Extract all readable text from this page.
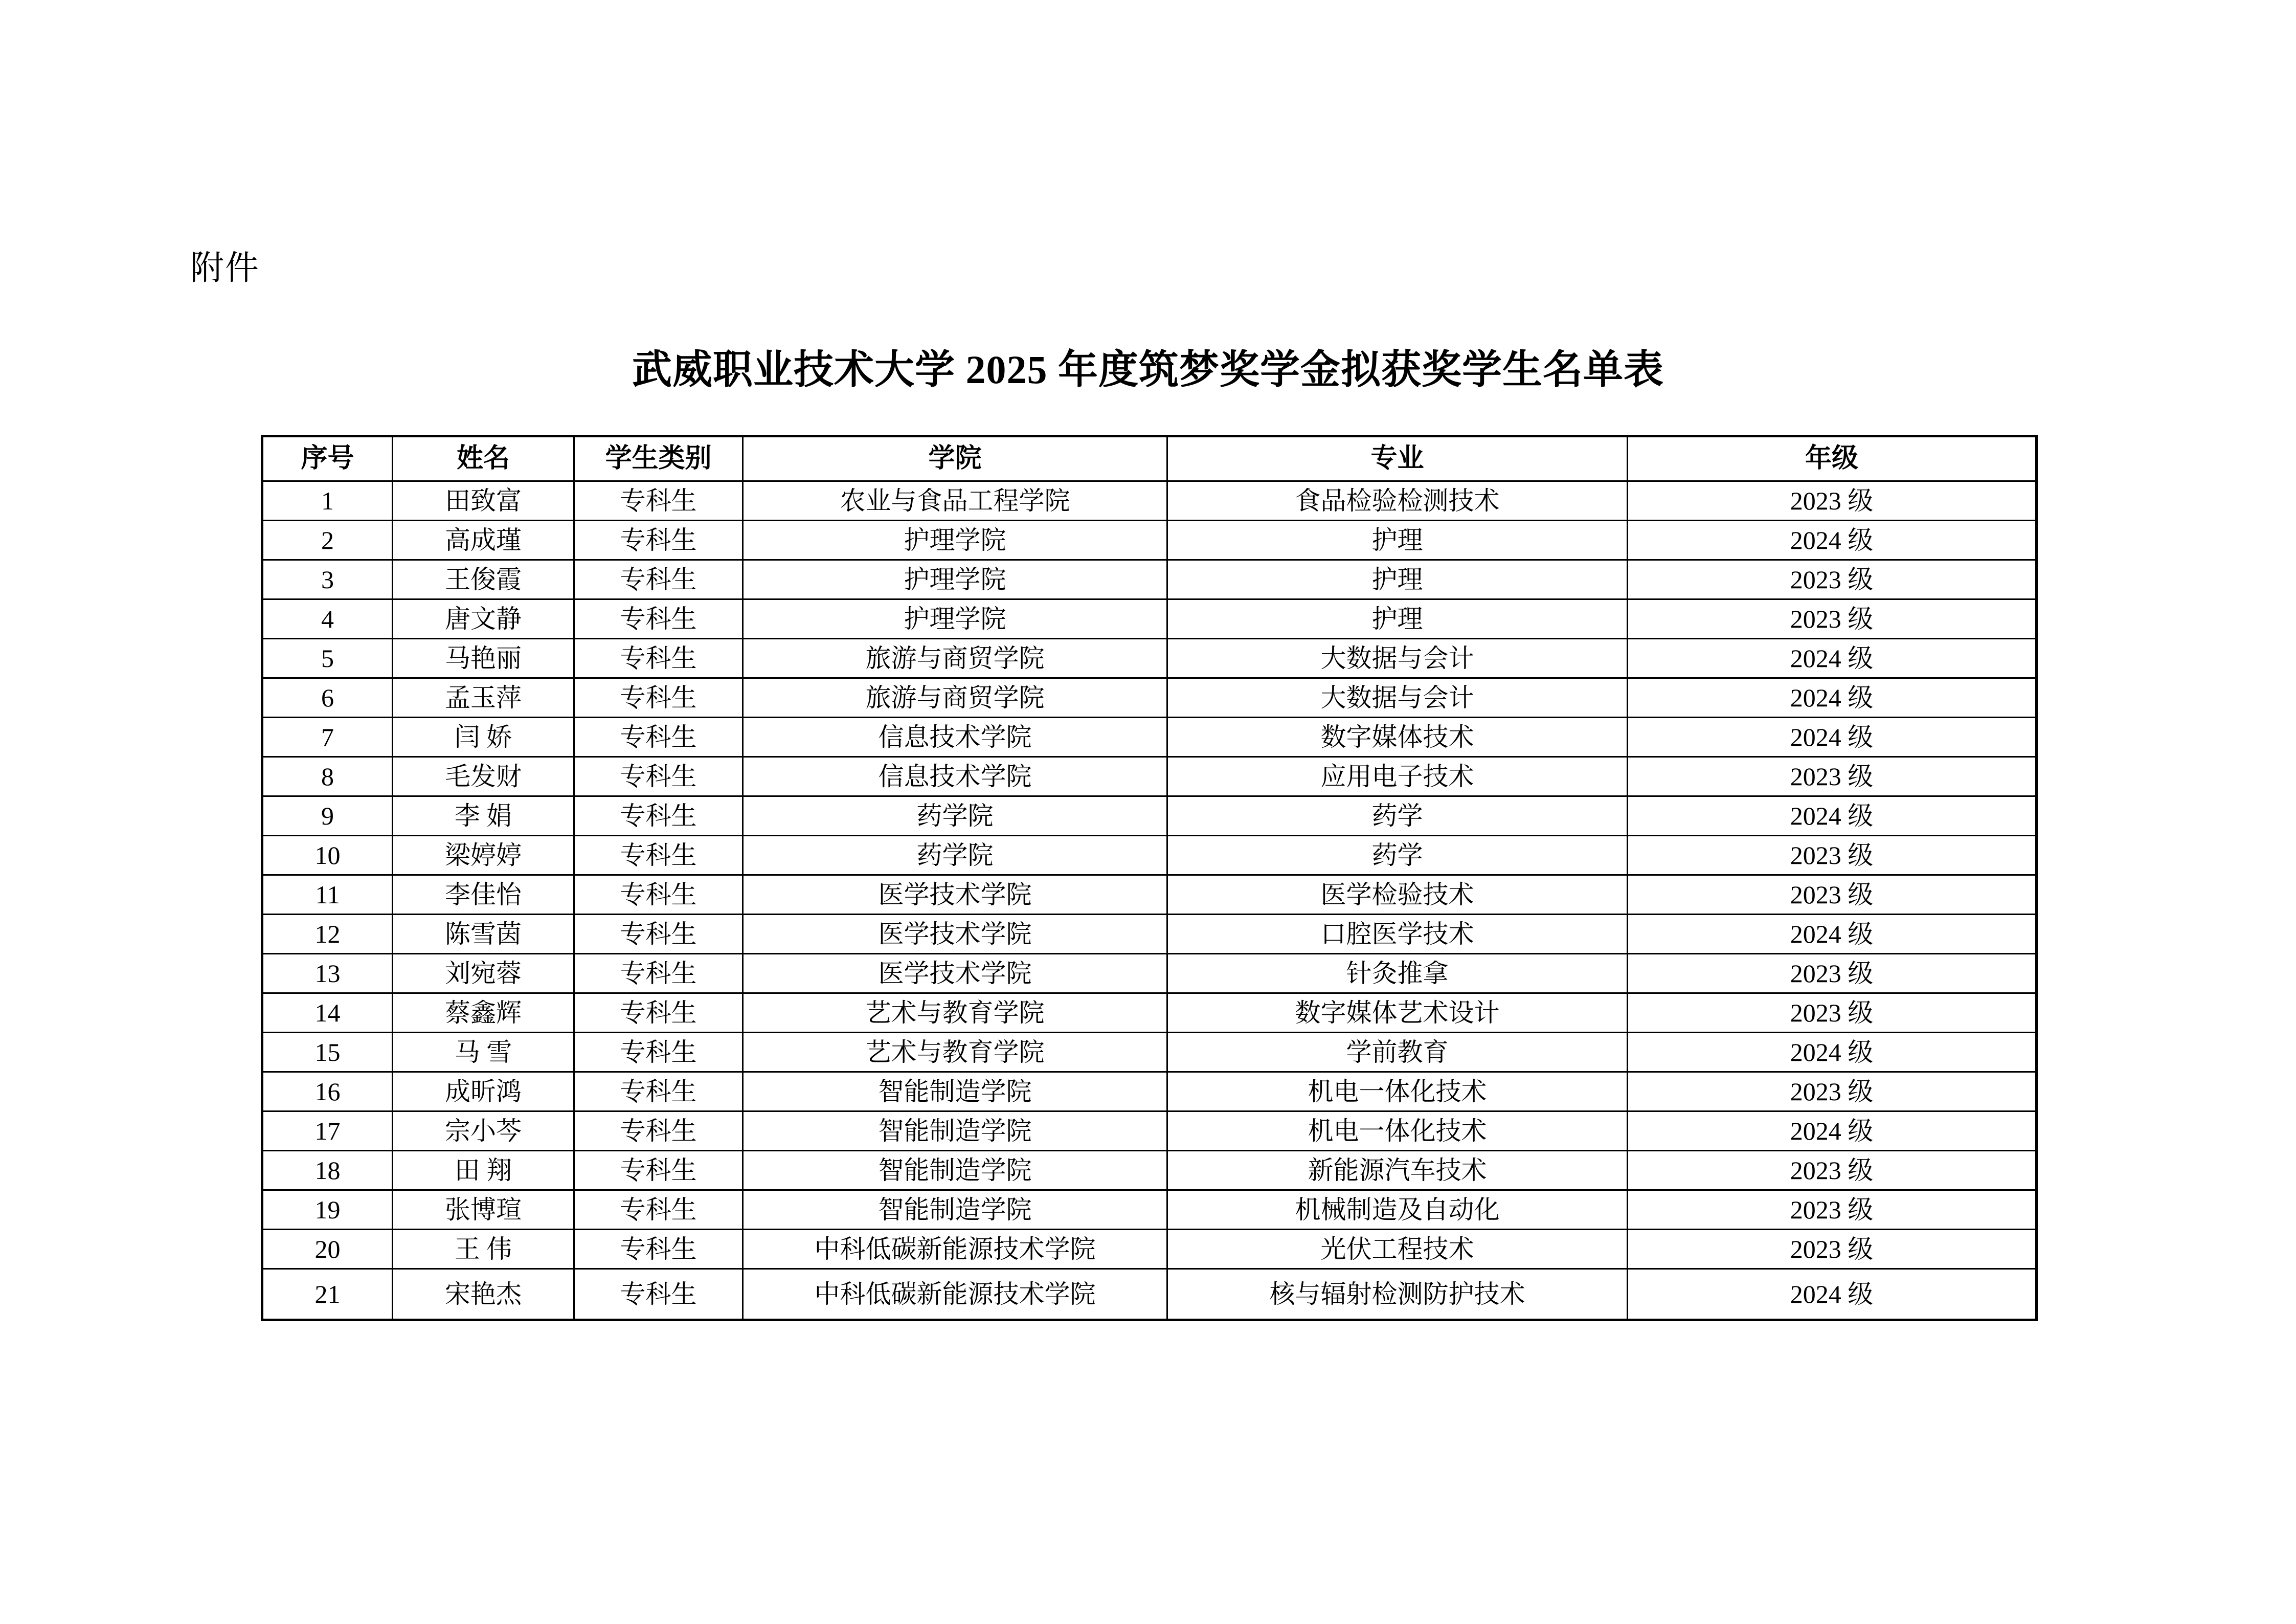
附件
武威职业技术大学 2025 年度筑梦奖学金拟获奖学生名单表
序号	姓名	学生类别	学院	专业	年级
1	田致富	专科生	农业与食品工程学院	食品检验检测技术	2023 级
2	高成瑾	专科生	护理学院	护理	2024 级
3	王俊霞	专科生	护理学院	护理	2023 级
4	唐文静	专科生	护理学院	护理	2023 级
5	马艳丽	专科生	旅游与商贸学院	大数据与会计	2024 级
6	孟玉萍	专科生	旅游与商贸学院	大数据与会计	2024 级
7	闫 娇	专科生	信息技术学院	数字媒体技术	2024 级
8	毛发财	专科生	信息技术学院	应用电子技术	2023 级
9	李 娟	专科生	药学院	药学	2024 级
10	梁婷婷	专科生	药学院	药学	2023 级
11	李佳怡	专科生	医学技术学院	医学检验技术	2023 级
12	陈雪茵	专科生	医学技术学院	口腔医学技术	2024 级
13	刘宛蓉	专科生	医学技术学院	针灸推拿	2023 级
14	蔡鑫辉	专科生	艺术与教育学院	数字媒体艺术设计	2023 级
15	马 雪	专科生	艺术与教育学院	学前教育	2024 级
16	成昕鸿	专科生	智能制造学院	机电一体化技术	2023 级
17	宗小芩	专科生	智能制造学院	机电一体化技术	2024 级
18	田 翔	专科生	智能制造学院	新能源汽车技术	2023 级
19	张博瑄	专科生	智能制造学院	机械制造及自动化	2023 级
20	王 伟	专科生	中科低碳新能源技术学院	光伏工程技术	2023 级
21	宋艳杰	专科生	中科低碳新能源技术学院	核与辐射检测防护技术	2024 级
